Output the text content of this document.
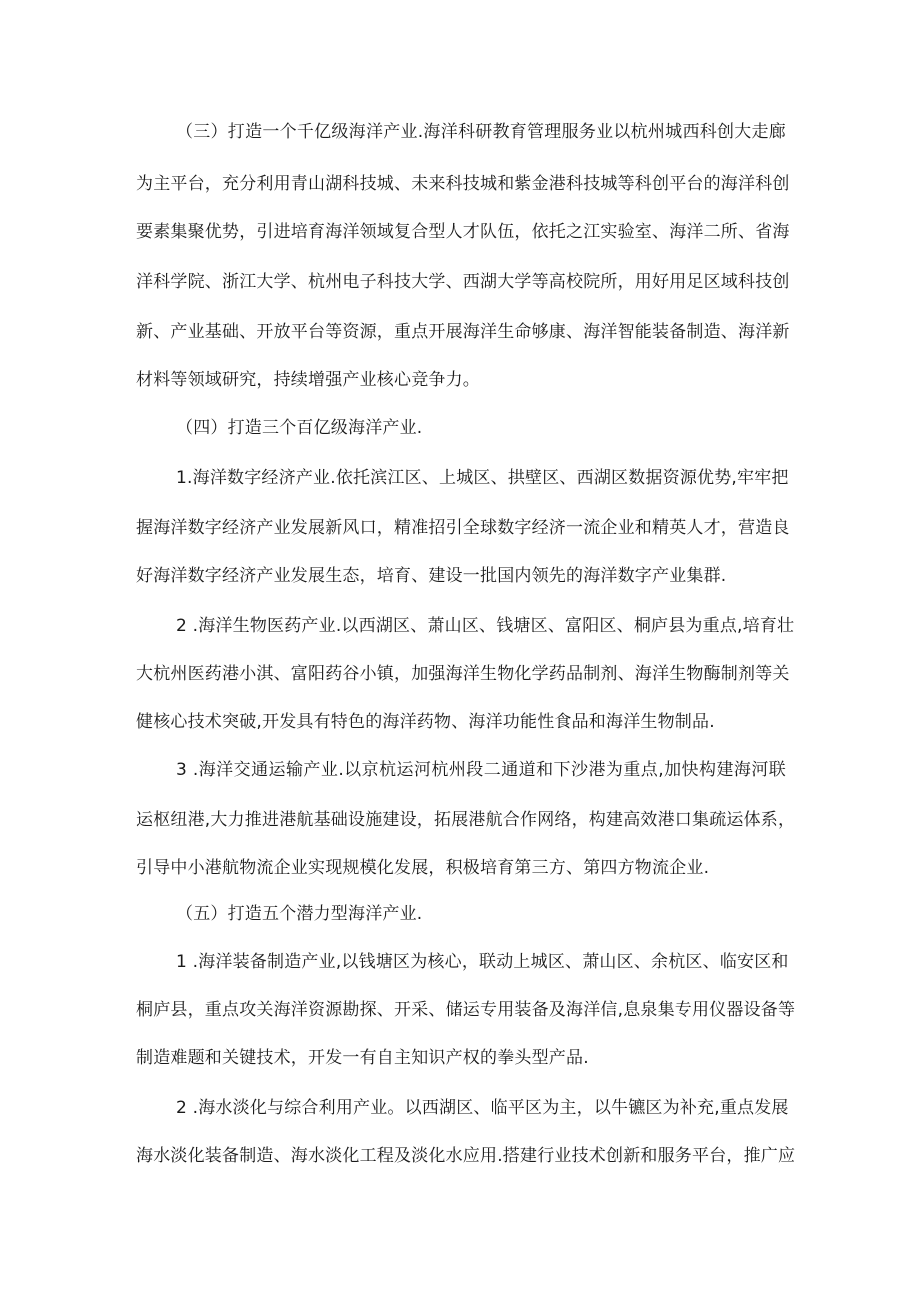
（三）打造一个千亿级海洋产业.海洋科研教育管理服务业以杭州城西科创大走廊
为主平台，充分利用青山湖科技城、未来科技城和紫金港科技城等科创平台的海洋科创
要素集聚优势，引进培育海洋领域复合型人才队伍，依托之江实验室、海洋二所、省海
洋科学院、浙江大学、杭州电子科技大学、西湖大学等高校院所，用好用足区域科技创
新、产业基础、开放平台等资源，重点开展海洋生命够康、海洋智能装备制造、海洋新
材料等领域研究，持续增强产业核心竞争力。
（四）打造三个百亿级海洋产业.
1.海洋数字经济产业.依托滨江区、上城区、拱壁区、西湖区数据资源优势,牢牢把
握海洋数字经济产业发展新风口，精准招引全球数字经济一流企业和精英人才，营造良
好海洋数字经济产业发展生态，培育、建设一批国内领先的海洋数字产业集群.
2 .海洋生物医药产业.以西湖区、萧山区、钱塘区、富阳区、桐庐县为重点,培育壮
大杭州医药港小淇、富阳药谷小镇，加强海洋生物化学药品制剂、海洋生物酶制剂等关
健核心技术突破,开发具有特色的海洋药物、海洋功能性食品和海洋生物制品.
3 .海洋交通运输产业.以京杭运河杭州段二通道和下沙港为重点,加快构建海河联
运枢纽港,大力推进港航基础设施建设，拓展港航合作网络，构建高效港口集疏运体系，
引导中小港航物流企业实现规模化发展，积极培育第三方、第四方物流企业.
（五）打造五个潜力型海洋产业.
1 .海洋装备制造产业,以钱塘区为核心，联动上城区、萧山区、余杭区、临安区和
桐庐县，重点攻关海洋资源勘探、开采、储运专用装备及海洋信,息泉集专用仪器设备等
制造难题和关键技术，开发一有自主知识产权的拳头型产品.
2 .海水淡化与综合利用产业。以西湖区、临平区为主，以牛镳区为补充,重点发展
海水淡化装备制造、海水淡化工程及淡化水应用.搭建行业技术创新和服务平台，推广应
